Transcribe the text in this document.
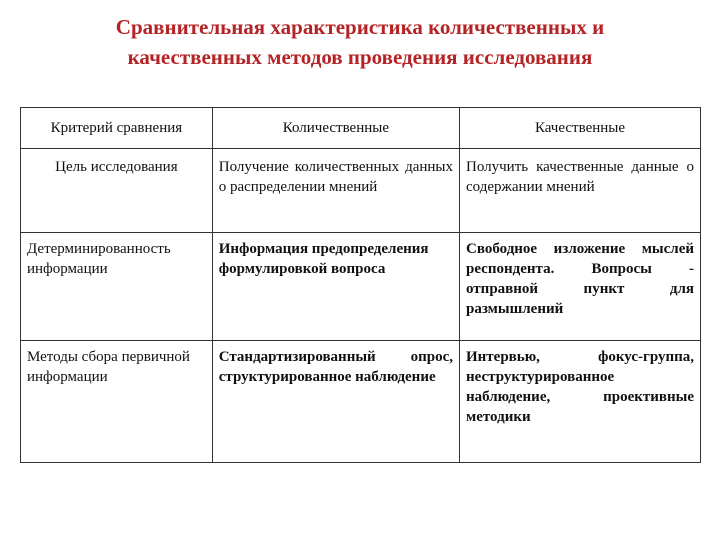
Сравнительная характеристика количественных и
качественных методов проведения исследования
Критерий сравнения	Количественные	Качественные
Цель исследования	Получение количественных данных о распределении мнений	Получить качественные данные о содержании мнений
Детерминированность информации	Информация предопределения формулировкой вопроса	Свободное изложение мыслей респондента. Вопросы - отправной пункт для размышлений
Методы сбора первичной информации	Стандартизированный опрос, структурированное наблюдение	Интервью, фокус-группа, неструктурированное наблюдение, проективные методики
